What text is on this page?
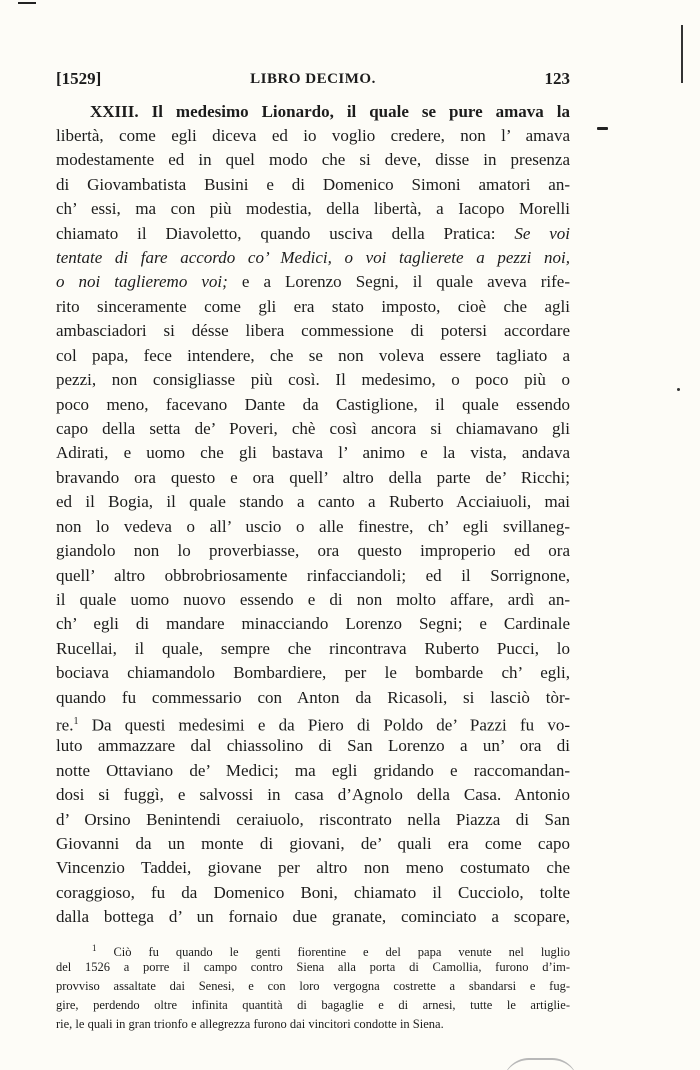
[1529]	LIBRO DECIMO.	123
XXIII. Il medesimo Lionardo, il quale se pure amava la
libertà, come egli diceva ed io voglio credere, non l’ amava
modestamente ed in quel modo che si deve, disse in presenza
di Giovambatista Busini e di Domenico Simoni amatori an-
ch’ essi, ma con più modestia, della libertà, a Iacopo Morelli
chiamato il Diavoletto, quando usciva della Pratica: Se voi
tentate di fare accordo co’ Medici, o voi taglierete a pezzi noi,
o noi taglieremo voi; e a Lorenzo Segni, il quale aveva rife-
rito sinceramente come gli era stato imposto, cioè che agli
ambasciadori si désse libera commessione di potersi accordare
col papa, fece intendere, che se non voleva essere tagliato a
pezzi, non consigliasse più così. Il medesimo, o poco più o
poco meno, facevano Dante da Castiglione, il quale essendo
capo della setta de’ Poveri, chè così ancora si chiamavano gli
Adirati, e uomo che gli bastava l’ animo e la vista, andava
bravando ora questo e ora quell’ altro della parte de’ Ricchi;
ed il Bogia, il quale stando a canto a Ruberto Acciaiuoli, mai
non lo vedeva o all’ uscio o alle finestre, ch’ egli svillaneg-
giandolo non lo proverbiasse, ora questo improperio ed ora
quell’ altro obbrobriosamente rinfacciandoli; ed il Sorrignone,
il quale uomo nuovo essendo e di non molto affare, ardì an-
ch’ egli di mandare minacciando Lorenzo Segni; e Cardinale
Rucellai, il quale, sempre che rincontrava Ruberto Pucci, lo
bociava chiamandolo Bombardiere, per le bombarde ch’ egli,
quando fu commessario con Anton da Ricasoli, si lasciò tòr-
re.$^1$ Da questi medesimi e da Piero di Poldo de’ Pazzi fu vo-
luto ammazzare dal chiassolino di San Lorenzo a un’ ora di
notte Ottaviano de’ Medici; ma egli gridando e raccomandan-
dosi si fuggì, e salvossi in casa d’Agnolo della Casa. Antonio
d’ Orsino Benintendi ceraiuolo, riscontrato nella Piazza di San
Giovanni da un monte di giovani, de’ quali era come capo
Vincenzio Taddei, giovane per altro non meno costumato che
coraggioso, fu da Domenico Boni, chiamato il Cucciolo, tolte
dalla bottega d’ un fornaio due granate, cominciato a scopare,
$^1$ Ciò fu quando le genti fiorentine e del papa venute nel luglio
del 1526 a porre il campo contro Siena alla porta di Camollia, furono d’im-
provviso assaltate dai Senesi, e con loro vergogna costrette a sbandarsi e fug-
gire, perdendo oltre infinita quantità di bagaglie e di arnesi, tutte le artiglie-
rie, le quali in gran trionfo e allegrezza furono dai vincitori condotte in Siena.
